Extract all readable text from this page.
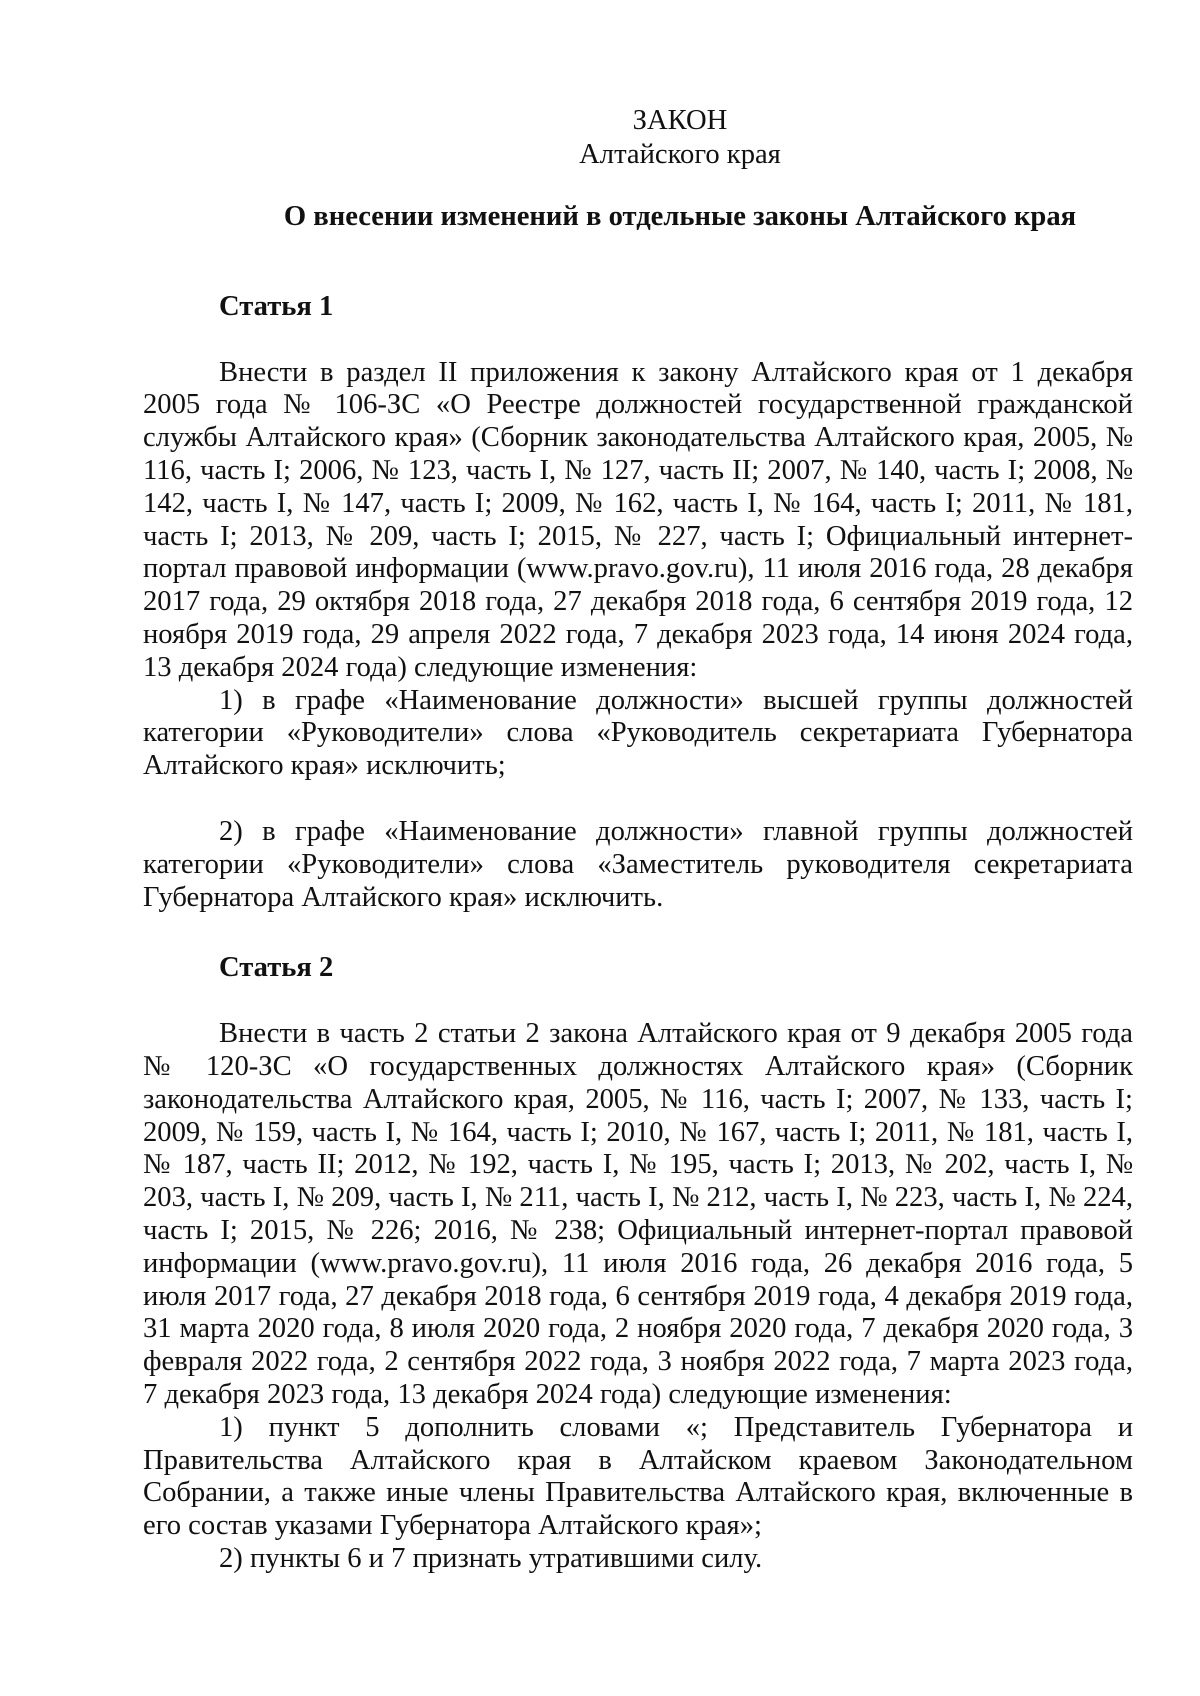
ЗАКОН
Алтайского края
О внесении изменений в отдельные законы Алтайского края
Статья 1

Внести в раздел II приложения к закону Алтайского края от 1 декабря 2005 года № 106-ЗС «О Реестре должностей государственной гражданской службы Алтайского края» (Сборник законодательства Алтайского края, 2005, № 116, часть I; 2006, № 123, часть I, № 127, часть II; 2007, № 140, часть I; 2008, № 142, часть I, № 147, часть I; 2009, № 162, часть I, № 164, часть I; 2011, № 181, часть I; 2013, № 209, часть I; 2015, № 227, часть I; Официальный интернет-портал правовой информации (www.pravo.gov.ru), 11 июля 2016 года, 28 декабря 2017 года, 29 октября 2018 года, 27 декабря 2018 года, 6 сентября 2019 года, 12 ноября 2019 года, 29 апреля 2022 года, 7 декабря 2023 года, 14 июня 2024 года, 13 декабря 2024 года) следующие изменения:

1) в графе «Наименование должности» высшей группы должностей категории «Руководители» слова «Руководитель секретариата Губернатора Алтайского края» исключить;

2) в графе «Наименование должности» главной группы должностей категории «Руководители» слова «Заместитель руководителя секретариата Губернатора Алтайского края» исключить.

Статья 2

Внести в часть 2 статьи 2 закона Алтайского края от 9 декабря 2005 года № 120-ЗС «О государственных должностях Алтайского края» (Сборник законодательства Алтайского края, 2005, № 116, часть I; 2007, № 133, часть I; 2009, № 159, часть I, № 164, часть I; 2010, № 167, часть I; 2011, № 181, часть I, № 187, часть II; 2012, № 192, часть I, № 195, часть I; 2013, № 202, часть I, № 203, часть I, № 209, часть I, № 211, часть I, № 212, часть I, № 223, часть I, № 224, часть I; 2015, № 226; 2016, № 238; Официальный интернет-портал правовой информации (www.pravo.gov.ru), 11 июля 2016 года, 26 декабря 2016 года, 5 июля 2017 года, 27 декабря 2018 года, 6 сентября 2019 года, 4 декабря 2019 года, 31 марта 2020 года, 8 июля 2020 года, 2 ноября 2020 года, 7 декабря 2020 года, 3 февраля 2022 года, 2 сентября 2022 года, 3 ноября 2022 года, 7 марта 2023 года, 7 декабря 2023 года, 13 декабря 2024 года) следующие изменения:

1) пункт 5 дополнить словами «; Представитель Губернатора и Правительства Алтайского края в Алтайском краевом Законодательном Собрании, а также иные члены Правительства Алтайского края, включенные в его состав указами Губернатора Алтайского края»;

2) пункты 6 и 7 признать утратившими силу.
